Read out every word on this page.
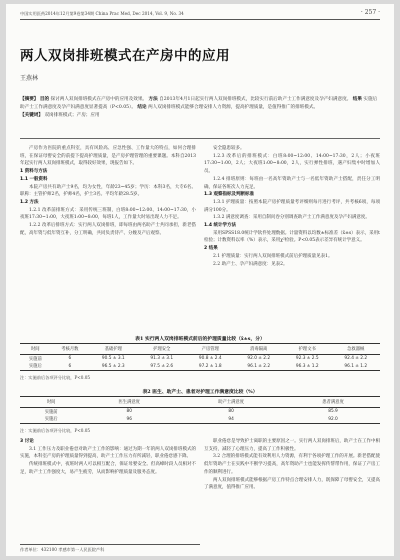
中国实用医药2014年12月第9卷第34期 China Prac Med, Dec 2014, Vol. 9, No. 34	· 257 ·
两人双岗排班模式在产房中的应用
王燕林
【摘要】 目的 探讨两人双岗排班模式在产房中的应用及效果。 方法 自2013年4月1日起实行两人双岗排班模式，比较实行前后助产士工作满意度及孕产妇满意度。 结果 实施后助产士工作满意度及孕产妇满意度显著提高（P<0.05）。 结论 两人双岗排班模式能够合理安排人力资源，提高护理质量，是值得推广的排班模式。
【关键词】 双岗排班模式；产房；应用

产房作为医院的重点科室，具有风险高、应急性强、工作量大的特点，如何合理排班，在保证母婴安全的前提下提高护理质量，是产房护理管理的重要课题。本科自2013年起实行两人双岗排班模式，取得较好效果，现报告如下。

1 资料与方法
1.1 一般资料

本院产房共有助产士9名，均为女性，年龄23~45岁；学历：本科3名，大专6名。职称：主管护师2名，护师4名，护士3名。平均年龄28.5岁。

1.2 方法

1.2.1 改革前排班方式：采用传统三班制，白班8:00~12:00、14:00~17:30，小夜班17:30~1:00，大夜班1:00~8:00，每班1人，工作量大时易出现人力不足。

1.2.2 改革后排班方式：实行两人双岗排班，即每班由两名助产士共同承担，新老搭配，高年资与低年资互补，分工明确，共同负责待产、分娩及产后观察。

安全隐患较多。

1.2.3 改革后的排班模式：白班8:00~12:00、14:00~17:30，2人；小夜班17:30~1:00，2人；大夜班1:00~8:00，2人，实行弹性排班，遇产妇集中时增加人员。

1.2.4 排班原则：每班由一名高年资助产士与一名低年资助产士搭配，责任分工明确，保证各班次人力充足。

1.3 观察指标及判断标准

1.3.1 护理质量：按照本院产房护理质量考评细则每月进行考评，共考核6项，每项满分100分。

1.3.2 满意度调查：采用自制问卷分别调查助产士工作满意度及孕产妇满意度。

1.4 统计学方法

采用SPSS18.0统计学软件处理数据。计量资料以均数±标准差（x̄±s）表示，采用t检验；计数资料以率（%）表示，采用χ²检验。P<0.05表示差异有统计学意义。

2 结果

2.1 护理质量：实行两人双岗排班模式前后护理质量见表1。

2.2 助产士、孕产妇满意度：见表2。

表1 实行两人双岗排班模式前后的护理质量比较（x̄±s，分）
时间	考核月数	基础护理	护理安全	产房管理	消毒隔离	护理文书	急救器械
实施前	6	90.5 ± 3.1	91.3 ± 3.1	90.8 ± 2.4	92.0 ± 2.2	92.3 ± 2.5	92.4 ± 2.2
实施后	6	96.5 ± 2.3	97.5 ± 2.6	97.2 ± 1.8	96.1 ± 2.2	96.3 ± 1.2	96.1 ± 1.2
注：实施前后各项评分比较，P<0.05
表2 医生、助产士、患者对护理工作满意度比较（%）
时间	医生满意度	助产士满意度	患者满意度
实施前	80	80	85.9
实施后	96	94	92.0
注：实施前后各项评分比较，P<0.05
3 讨论

3.1 工作压力及职业倦怠对助产士工作的影响：通过为期一年的两人双岗排班模式的实施，本科室产房的护理质量得到提高，助产士工作压力有所减轻，职业倦怠感下降。

传统排班模式中，夜班时两人可以相互配合，保证母婴安全。但高峰时段人员相对不足，助产士工作强度大，易产生疲劳，从而影响护理质量及服务态度。

职业倦怠是导致护士离职的主要原因之一。实行两人双岗排班后，助产士在工作中相互支持，减轻了心理压力，提高了工作积极性。

3.2 合理的排班模式能有效利用人力资源，有利于各项护理工作的开展。新老搭配使低年资助产士在实践中不断学习提高，高年资助产士也能发挥传帮带作用，保证了产房工作的顺利进行。

两人双岗排班模式能够根据产房工作特点合理安排人力，既保障了母婴安全，又提高了满意度，值得推广应用。

作者单位：432100 孝感市第一人民医院产科
